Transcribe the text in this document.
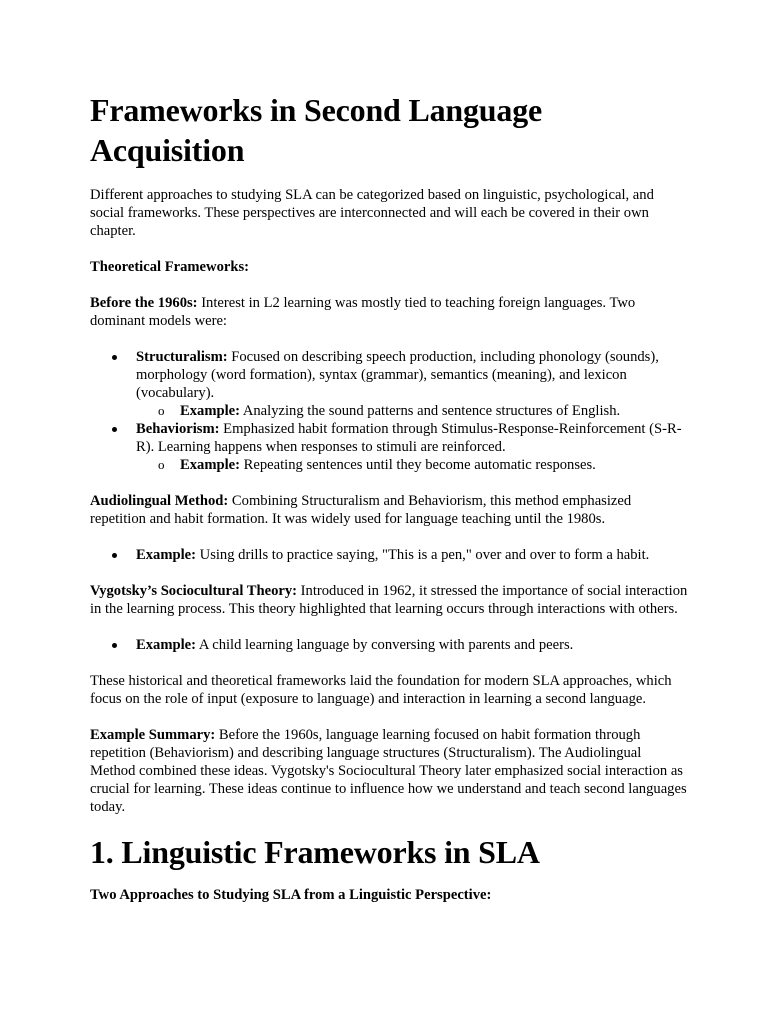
Frameworks in Second Language Acquisition

Different approaches to studying SLA can be categorized based on linguistic, psychological, and social frameworks. These perspectives are interconnected and will each be covered in their own chapter.

Theoretical Frameworks:

Before the 1960s: Interest in L2 learning was mostly tied to teaching foreign languages. Two dominant models were:

Structuralism: Focused on describing speech production, including phonology (sounds), morphology (word formation), syntax (grammar), semantics (meaning), and lexicon (vocabulary).
o Example: Analyzing the sound patterns and sentence structures of English.
Behaviorism: Emphasized habit formation through Stimulus-Response-Reinforcement (S-R-R). Learning happens when responses to stimuli are reinforced.
o Example: Repeating sentences until they become automatic responses.

Audiolingual Method: Combining Structuralism and Behaviorism, this method emphasized repetition and habit formation. It was widely used for language teaching until the 1980s.

Example: Using drills to practice saying, "This is a pen," over and over to form a habit.

Vygotsky’s Sociocultural Theory: Introduced in 1962, it stressed the importance of social interaction in the learning process. This theory highlighted that learning occurs through interactions with others.

Example: A child learning language by conversing with parents and peers.

These historical and theoretical frameworks laid the foundation for modern SLA approaches, which focus on the role of input (exposure to language) and interaction in learning a second language.

Example Summary: Before the 1960s, language learning focused on habit formation through repetition (Behaviorism) and describing language structures (Structuralism). The Audiolingual Method combined these ideas. Vygotsky's Sociocultural Theory later emphasized social interaction as crucial for learning. These ideas continue to influence how we understand and teach second languages today.

1. Linguistic Frameworks in SLA

Two Approaches to Studying SLA from a Linguistic Perspective:
